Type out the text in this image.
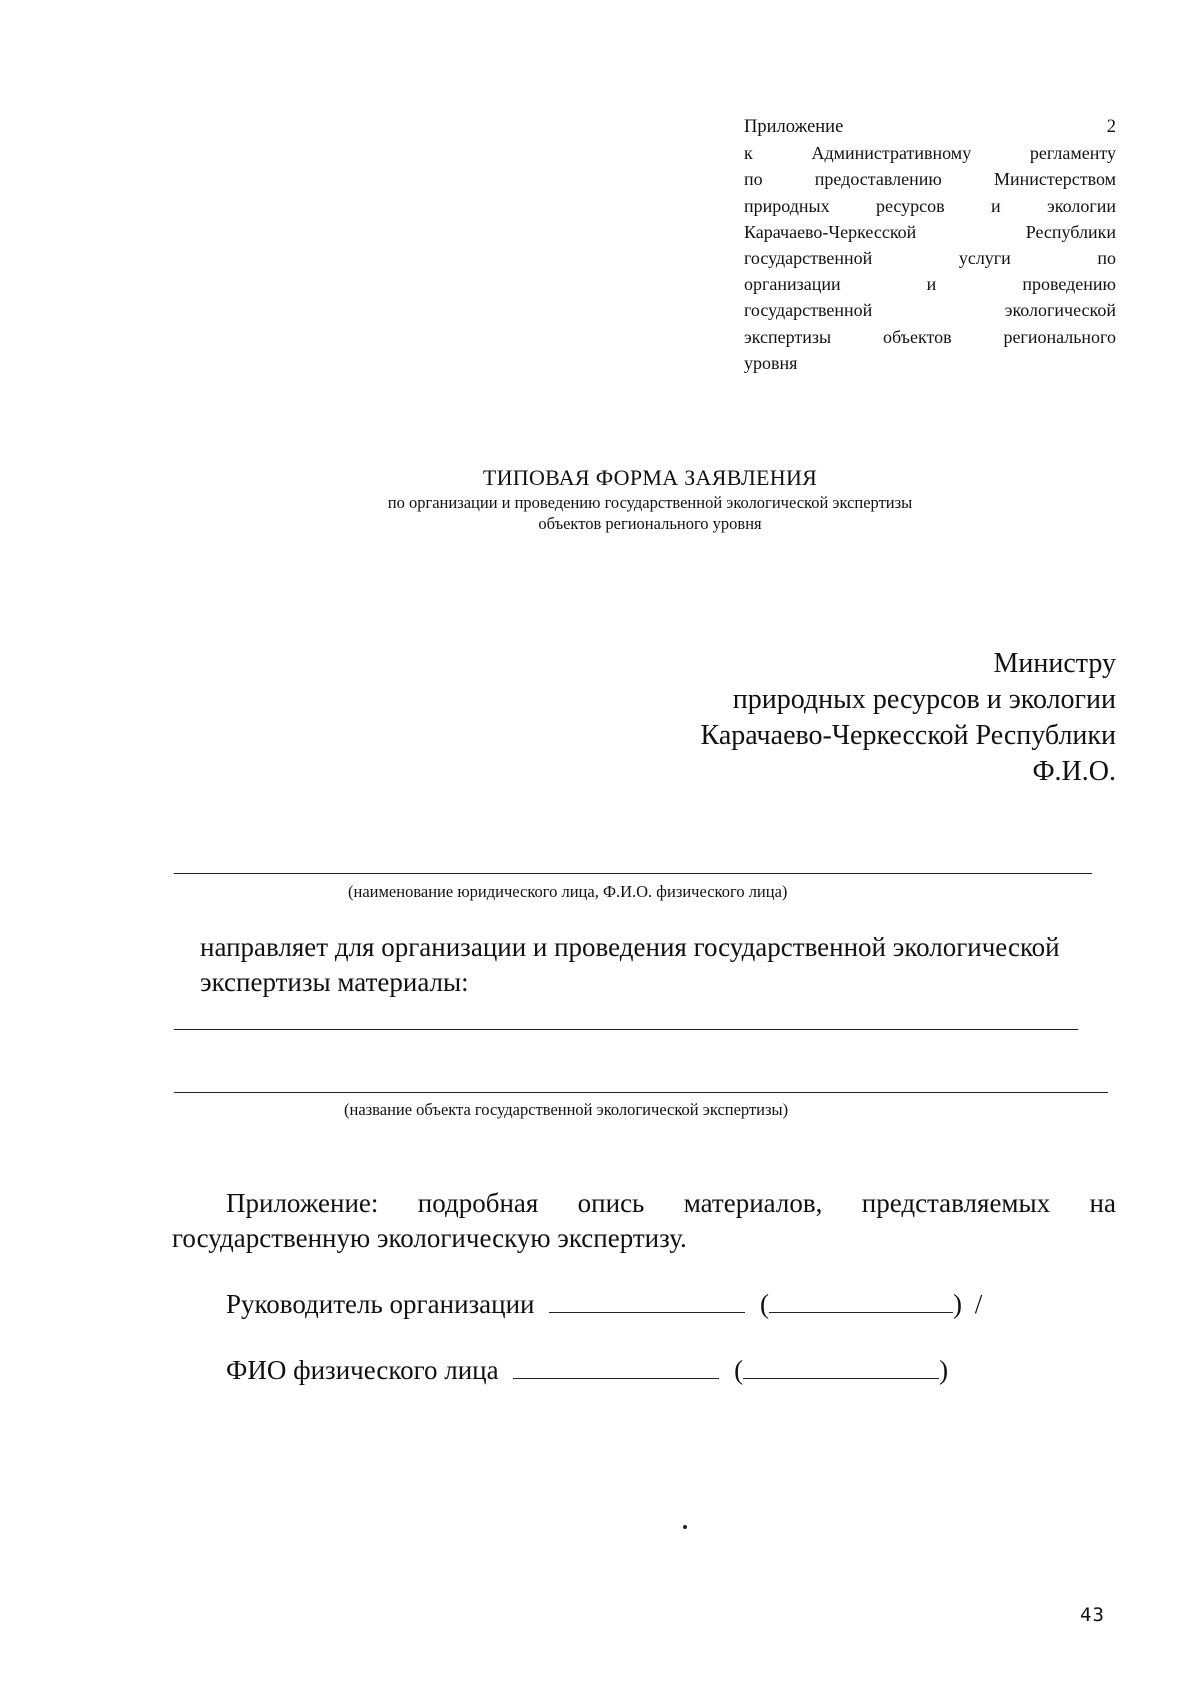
Приложение 2
к Административному регламенту
по предоставлению Министерством
природных ресурсов и экологии
Карачаево-Черкесской Республики
государственной услуги по
организации и проведению
государственной экологической
экспертизы объектов регионального
уровня
ТИПОВАЯ ФОРМА ЗАЯВЛЕНИЯ
по организации и проведению государственной экологической экспертизы
объектов регионального уровня
Министру
природных ресурсов и экологии
Карачаево-Черкесской Республики
Ф.И.О.
(наименование юридического лица, Ф.И.О. физического лица)
направляет для организации и проведения государственной экологической
экспертизы материалы:
(название объекта государственной экологической экспертизы)
Приложение: подробная опись материалов, представляемых на
государственную экологическую экспертизу.
Руководитель организации	(	) /
ФИО физического лица	(	)
43
